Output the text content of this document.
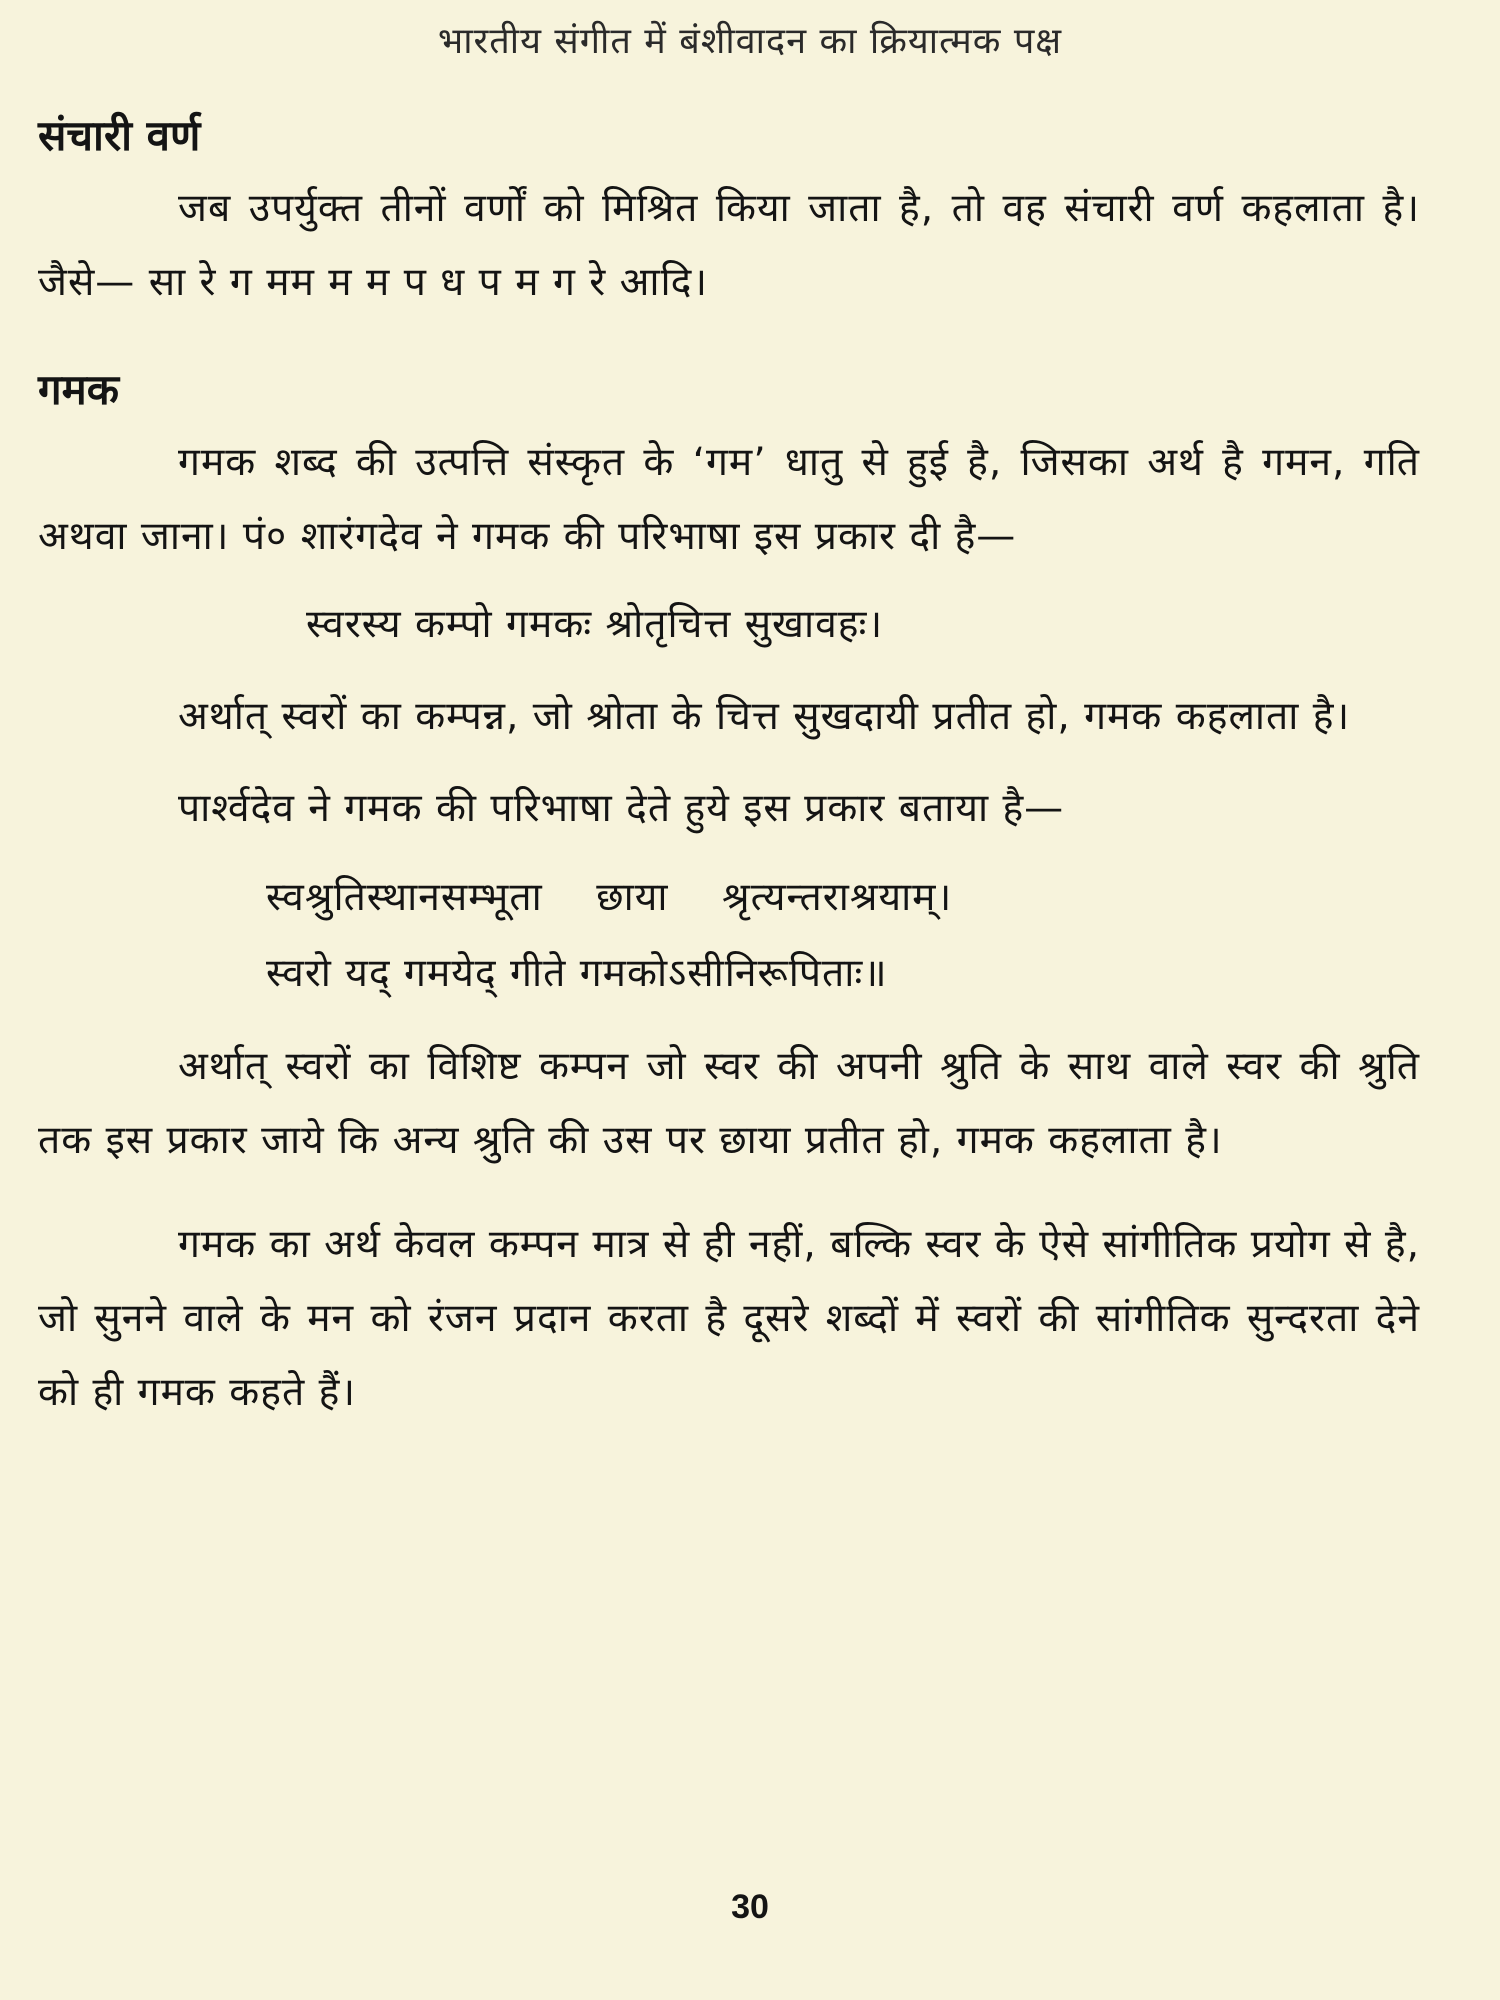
भारतीय संगीत में बंशीवादन का क्रियात्मक पक्ष
संचारी वर्ण

जब उपर्युक्त तीनों वर्णों को मिश्रित किया जाता है, तो वह संचारी वर्ण कहलाता है। जैसे— सा रे ग मम म म प ध प म ग रे आदि।

गमक

गमक शब्द की उत्पत्ति संस्कृत के ‘गम’ धातु से हुई है, जिसका अर्थ है गमन, गति अथवा जाना। पं० शारंगदेव ने गमक की परिभाषा इस प्रकार दी है—

स्वरस्य कम्पो गमकः श्रोतृचित्त सुखावहः।

अर्थात् स्वरों का कम्पन्न, जो श्रोता के चित्त सुखदायी प्रतीत हो, गमक कहलाता है।

पार्श्वदेव ने गमक की परिभाषा देते हुये इस प्रकार बताया है—

स्वश्रुतिस्थानसम्भूता    छाया    श्रृत्यन्तराश्रयाम्।
स्वरो यद् गमयेद् गीते गमकोऽसीनिरूपिताः॥

अर्थात् स्वरों का विशिष्ट कम्पन जो स्वर की अपनी श्रुति के साथ वाले स्वर की श्रुति तक इस प्रकार जाये कि अन्य श्रुति की उस पर छाया प्रतीत हो, गमक कहलाता है।

गमक का अर्थ केवल कम्पन मात्र से ही नहीं, बल्कि स्वर के ऐसे सांगीतिक प्रयोग से है, जो सुनने वाले के मन को रंजन प्रदान करता है दूसरे शब्दों में स्वरों की सांगीतिक सुन्दरता देने को ही गमक कहते हैं।

30
